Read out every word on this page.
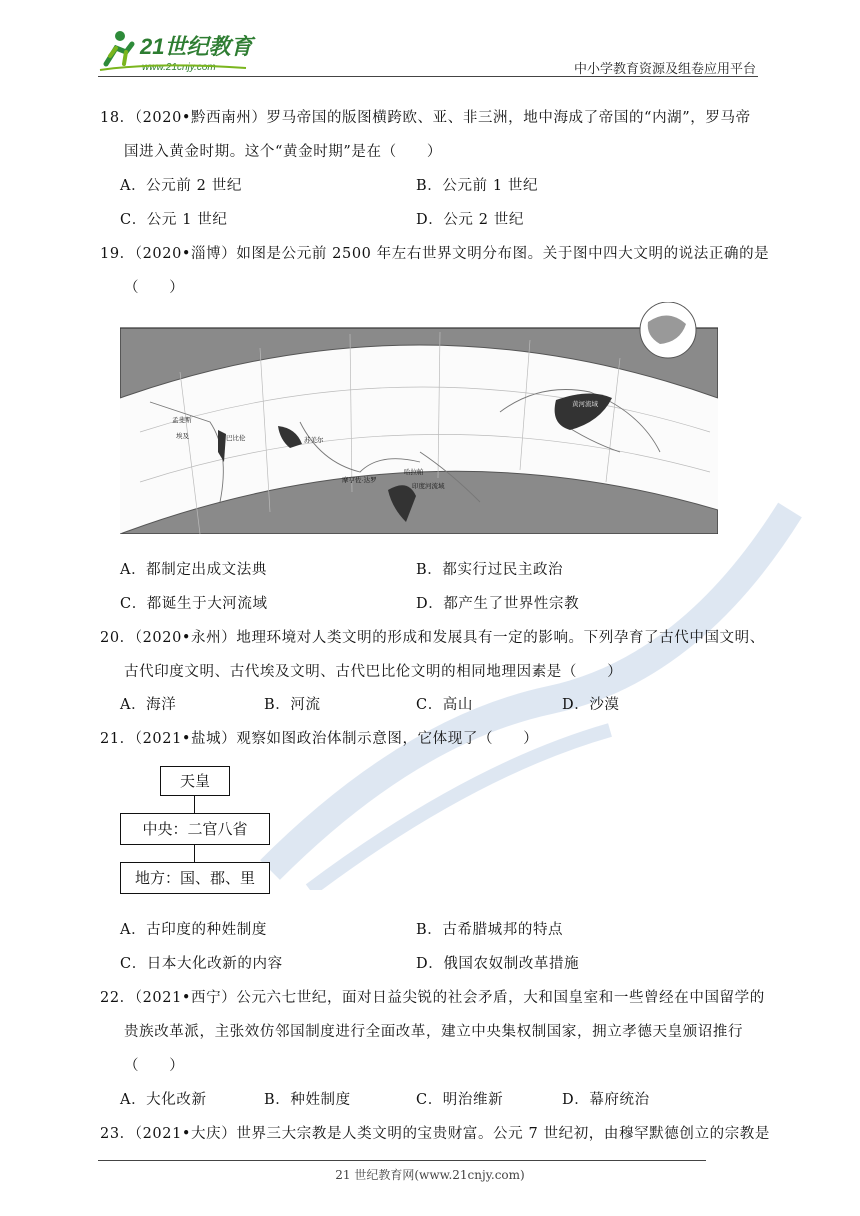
21世纪教育
www.21cnjy.com	中小学教育资源及组卷应用平台
18．（2020•黔西南州）罗马帝国的版图横跨欧、亚、非三洲，地中海成了帝国的“内湖”，罗马帝
国进入黄金时期。这个“黄金时期”是在（　　）
A．公元前 2 世纪	B．公元前 1 世纪
C．公元 1 世纪	D．公元 2 世纪
19．（2020•淄博）如图是公元前 2500 年左右世界文明分布图。关于图中四大文明的说法正确的是
（　　）
孟斐斯
埃及	巴比伦	苏美尔
哈拉帕
摩亨佐·达罗
印度河流域
黄河流域
A．都制定出成文法典	B．都实行过民主政治
C．都诞生于大河流域	D．都产生了世界性宗教
20．（2020•永州）地理环境对人类文明的形成和发展具有一定的影响。下列孕育了古代中国文明、
古代印度文明、古代埃及文明、古代巴比伦文明的相同地理因素是（　　）
A．海洋	B．河流	C．高山	D．沙漠
21．（2021•盐城）观察如图政治体制示意图，它体现了（　　）
天皇
中央：二官八省
地方：国、郡、里
A．古印度的种姓制度	B．古希腊城邦的特点
C．日本大化改新的内容	D．俄国农奴制改革措施
22．（2021•西宁）公元六七世纪，面对日益尖锐的社会矛盾，大和国皇室和一些曾经在中国留学的
贵族改革派，主张效仿邻国制度进行全面改革，建立中央集权制国家，拥立孝德天皇颁诏推行
（　　）
A．大化改新	B．种姓制度	C．明治维新	D．幕府统治
23．（2021•大庆）世界三大宗教是人类文明的宝贵财富。公元 7 世纪初，由穆罕默德创立的宗教是
21 世纪教育网(www.21cnjy.com)
